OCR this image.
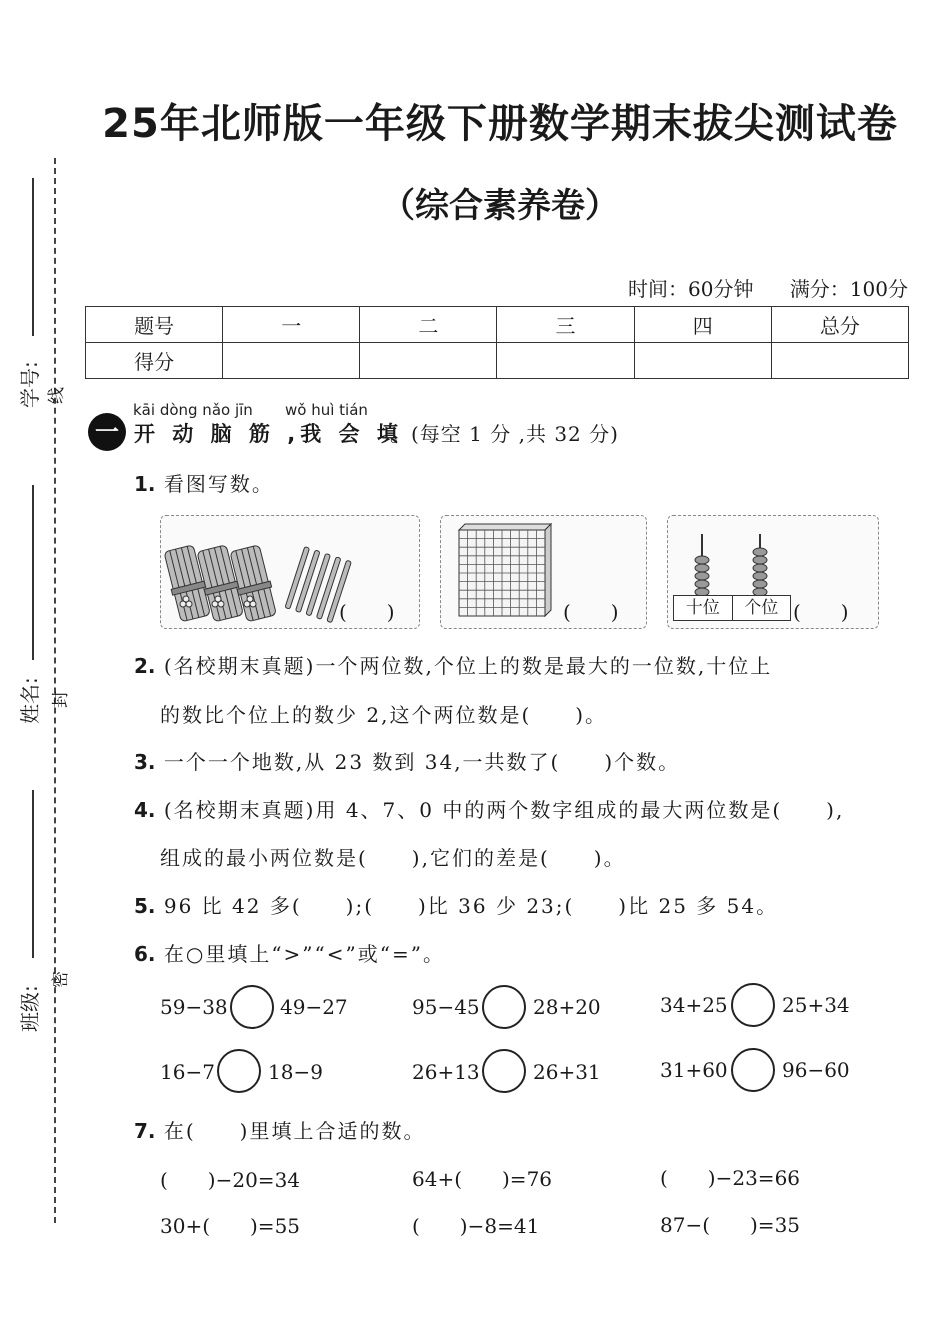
25年北师版一年级下册数学期末拔尖测试卷
（综合素养卷）
时间：60分钟 满分：100分
题号	一	二	三	四	总分
得分					
学号: 线
姓名: 封
班级:
密
一
kāi dòng nǎo jīn wǒ huì tián
开 动 脑 筋 ,我 会 填
。(每空 1 分 ,共 32 分)
1. 看图写数。
(　　)	(　　)	十位	个位 (　　)
2. (名校期末真题)一个两位数,个位上的数是最大的一位数,十位上
的数比个位上的数少 2,这个两位数是(　　)。
3. 一个一个地数,从 23 数到 34,一共数了(　　)个数。
4. (名校期末真题)用 4、7、0 中的两个数字组成的最大两位数是(　　),
组成的最小两位数是(　　),它们的差是(　　)。
5. 96 比 42 多(　　);(　　)比 36 少 23;(　　)比 25 多 54。
6. 在○里填上“>”“<”或“=”。
59−38	49−27	95−45	28+20	34+25	25+34
16−7	18−9	26+13	26+31	31+60	96−60
7. 在(　　)里填上合适的数。
(　　)−20=34	64+(　　)=76	(　　)−23=66
30+(　　)=55	(　　)−8=41	87−(　　)=35
